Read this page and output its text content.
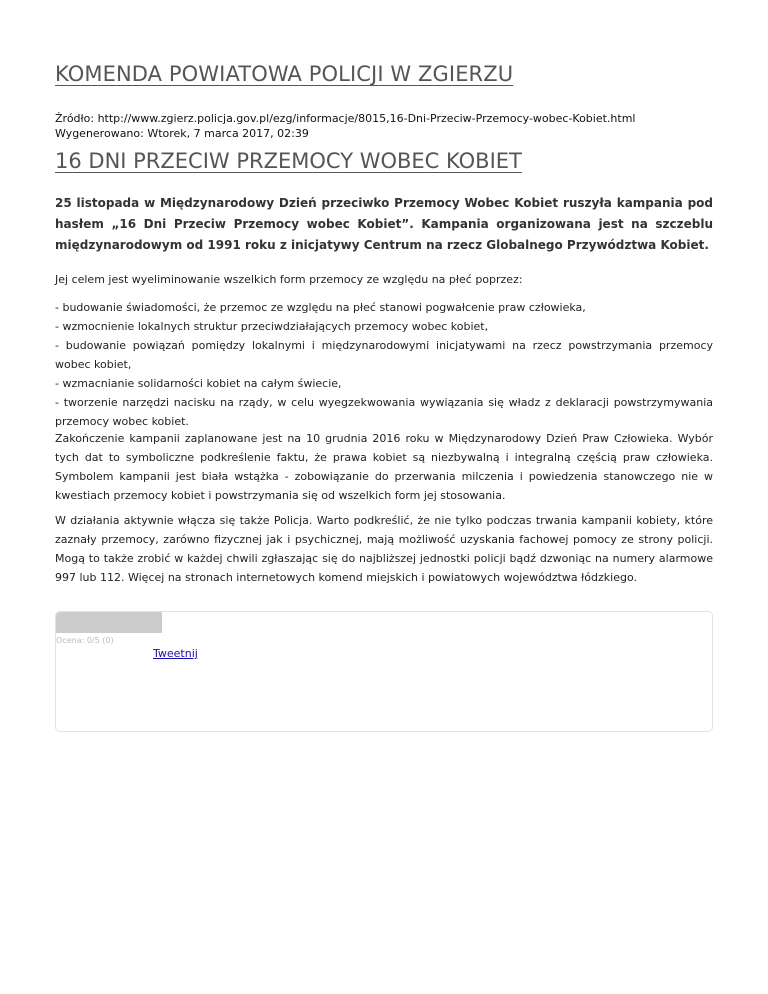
KOMENDA POWIATOWA POLICJI W ZGIERZU
Źródło: http://www.zgierz.policja.gov.pl/ezg/informacje/8015,16-Dni-Przeciw-Przemocy-wobec-Kobiet.html
Wygenerowano: Wtorek, 7 marca 2017, 02:39
16 DNI PRZECIW PRZEMOCY WOBEC KOBIET

25 listopada w Międzynarodowy Dzień przeciwko Przemocy Wobec Kobiet ruszyła kampania pod hasłem „16 Dni Przeciw Przemocy wobec Kobiet”. Kampania organizowana jest na szczeblu międzynarodowym od 1991 roku z inicjatywy Centrum na rzecz Globalnego Przywództwa Kobiet.

Jej celem jest wyeliminowanie wszelkich form przemocy ze względu na płeć poprzez:

- budowanie świadomości, że przemoc ze względu na płeć stanowi pogwałcenie praw człowieka,
- wzmocnienie lokalnych struktur przeciwdziałających przemocy wobec kobiet,
- budowanie powiązań pomiędzy lokalnymi i międzynarodowymi inicjatywami na rzecz powstrzymania przemocy wobec kobiet,
- wzmacnianie solidarności kobiet na całym świecie,
- tworzenie narzędzi nacisku na rządy, w celu wyegzekwowania wywiązania się władz z deklaracji powstrzymywania przemocy wobec kobiet.

Zakończenie kampanii zaplanowane jest na 10 grudnia 2016 roku w Międzynarodowy Dzień Praw Człowieka. Wybór tych dat to symboliczne podkreślenie faktu, że prawa kobiet są niezbywalną i integralną częścią praw człowieka. Symbolem kampanii jest biała wstążka - zobowiązanie do przerwania milczenia i powiedzenia stanowczego nie w kwestiach przemocy kobiet i powstrzymania się od wszelkich form jej stosowania.

W działania aktywnie włącza się także Policja. Warto podkreślić, że nie tylko podczas trwania kampanii kobiety, które zaznały przemocy, zarówno fizycznej jak i psychicznej, mają możliwość uzyskania fachowej pomocy ze strony policji. Mogą to także zrobić w każdej chwili zgłaszając się do najbliższej jednostki policji bądź dzwoniąc na numery alarmowe 997 lub 112. Więcej na stronach internetowych komend miejskich i powiatowych województwa łódzkiego.

Ocena: 0/5 (0)
Tweetnij
